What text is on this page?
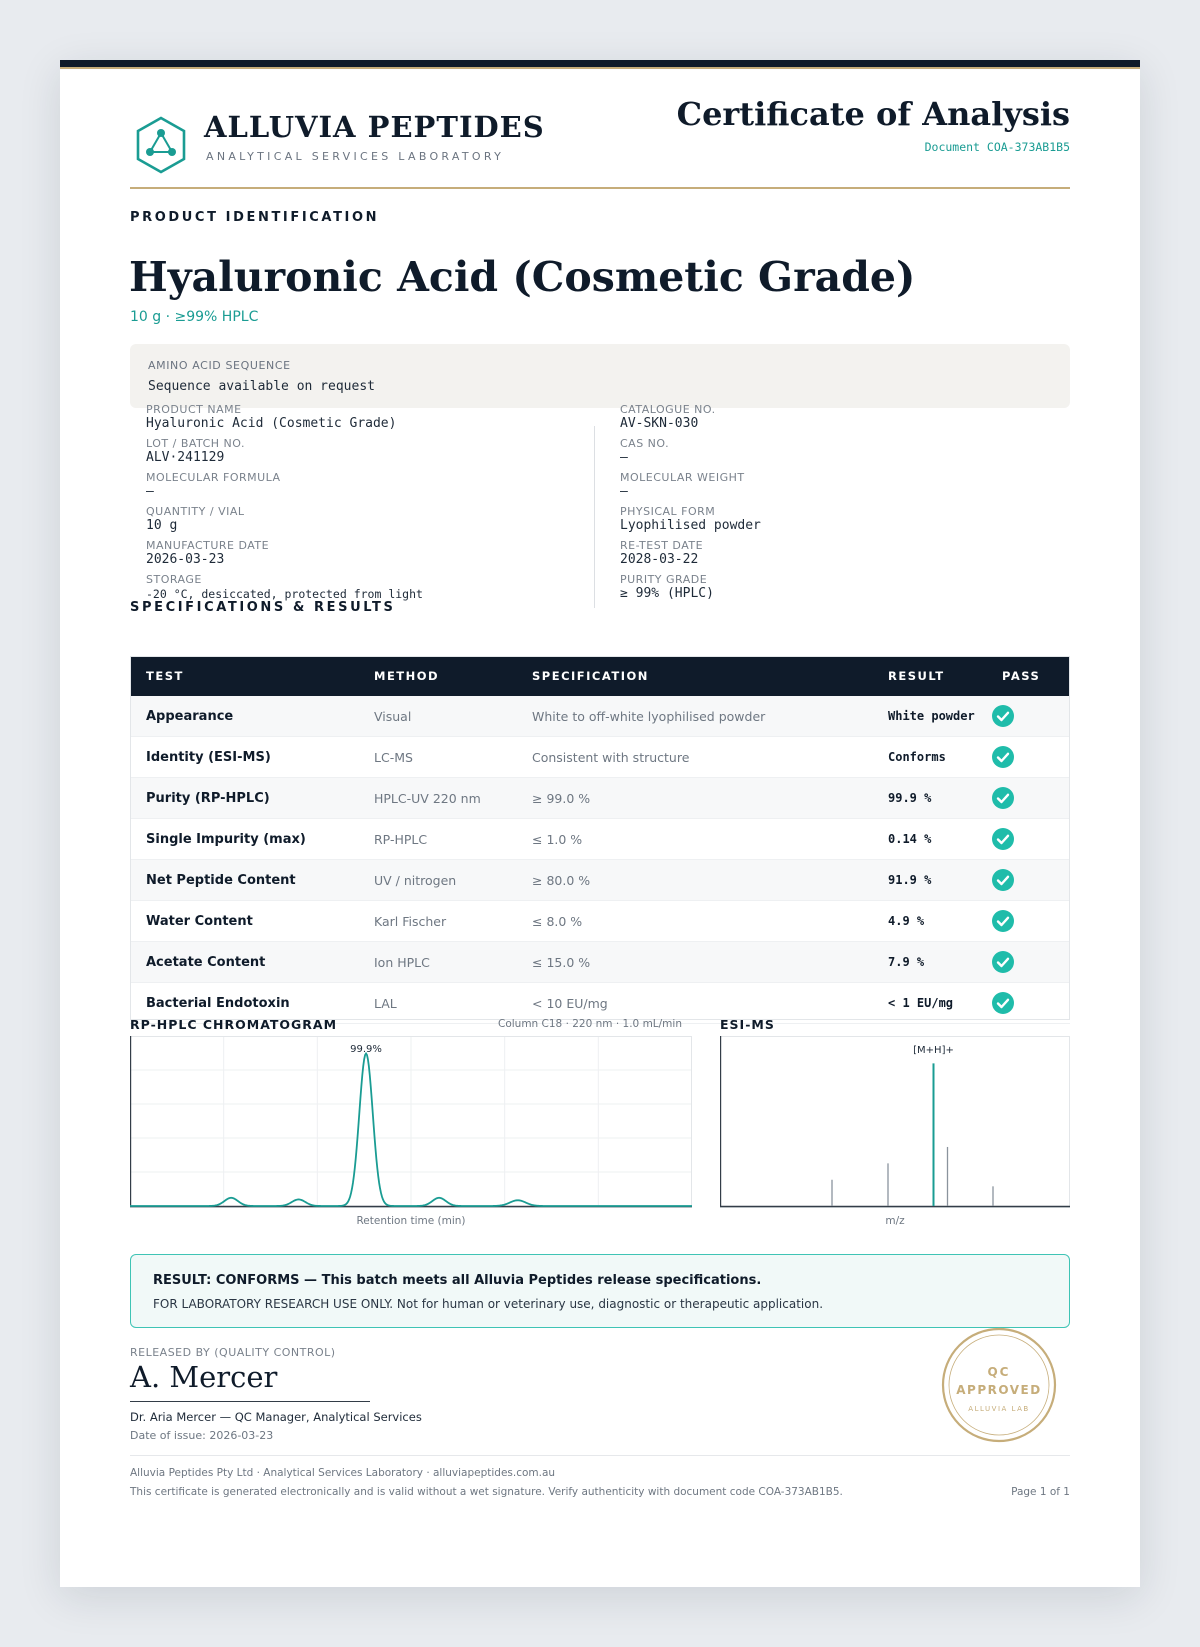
ALLUVIA PEPTIDES
ANALYTICAL SERVICES LABORATORY
Certificate of Analysis
Document COA-373AB1B5
PRODUCT IDENTIFICATION
Hyaluronic Acid (Cosmetic Grade)
10 g · ≥99% HPLC
AMINO ACID SEQUENCE
Sequence available on request
PRODUCT NAME
Hyaluronic Acid (Cosmetic Grade)
LOT / BATCH NO.
ALV·241129
MOLECULAR FORMULA
—
QUANTITY / VIAL
10 g
MANUFACTURE DATE
2026-03-23
STORAGE
-20 °C, desiccated, protected from light
CATALOGUE NO.
AV-SKN-030
CAS NO.
—
MOLECULAR WEIGHT
—
PHYSICAL FORM
Lyophilised powder
RE-TEST DATE
2028-03-22
PURITY GRADE
≥ 99% (HPLC)
SPECIFICATIONS & RESULTS
TEST	METHOD	SPECIFICATION	RESULT	PASS
Appearance	Visual	White to off-white lyophilised powder	White powder	

Identity (ESI-MS)	LC-MS	Consistent with structure	Conforms	

Purity (RP-HPLC)	HPLC-UV 220 nm	≥ 99.0 %	99.9 %	

Single Impurity (max)	RP-HPLC	≤ 1.0 %	0.14 %	

Net Peptide Content	UV / nitrogen	≥ 80.0 %	91.9 %	

Water Content	Karl Fischer	≤ 8.0 %	4.9 %	

Acetate Content	Ion HPLC	≤ 15.0 %	7.9 %	

Bacterial Endotoxin	LAL	< 10 EU/mg	< 1 EU/mg	
RP-HPLC CHROMATOGRAM	Column C18 · 220 nm · 1.0 mL/min
99.9%
Retention time (min)
ESI-MS
[M+H]+
m/z
RESULT: CONFORMS — This batch meets all Alluvia Peptides release specifications.
FOR LABORATORY RESEARCH USE ONLY. Not for human or veterinary use, diagnostic or therapeutic application.
RELEASED BY (QUALITY CONTROL)
A. Mercer
Dr. Aria Mercer — QC Manager, Analytical Services
Date of issue: 2026-03-23
QC
APPROVED
ALLUVIA LAB
Alluvia Peptides Pty Ltd · Analytical Services Laboratory · alluviapeptides.com.au
This certificate is generated electronically and is valid without a wet signature. Verify authenticity with document code COA-373AB1B5.	Page 1 of 1
